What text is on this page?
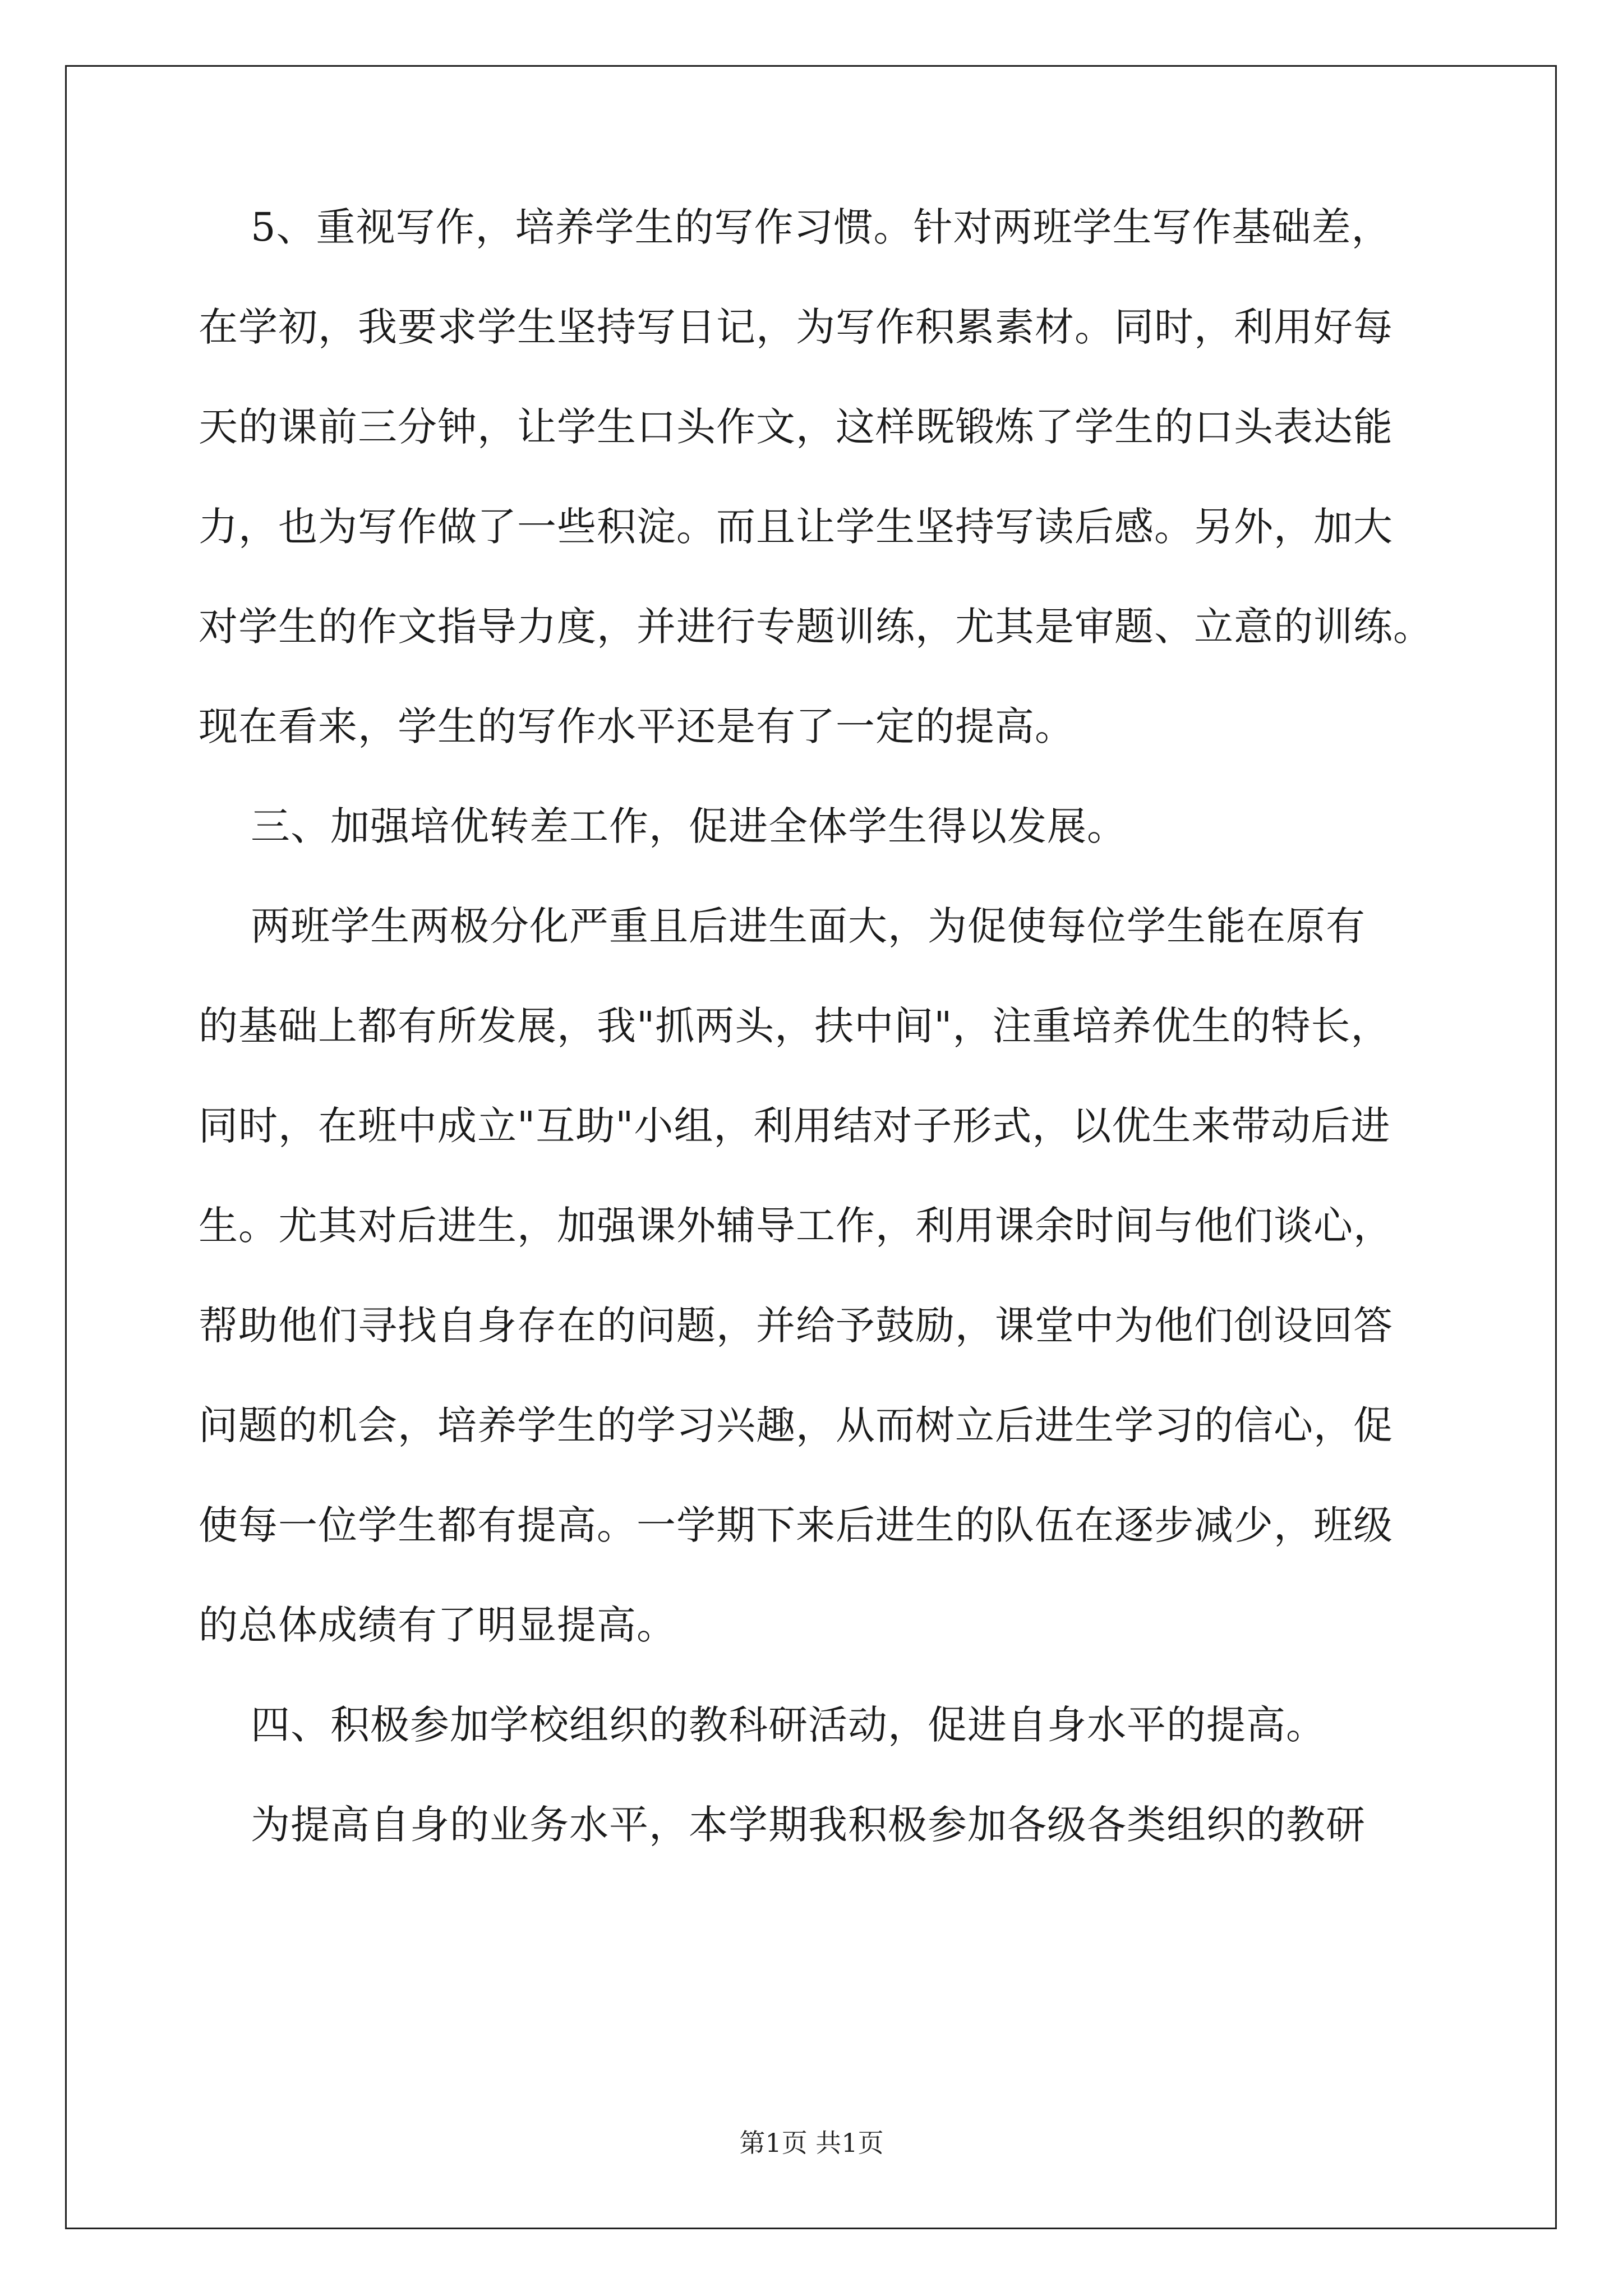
5、重视写作，培养学生的写作习惯。针对两班学生写作基础差，
在学初，我要求学生坚持写日记，为写作积累素材。同时，利用好每
天的课前三分钟，让学生口头作文，这样既锻炼了学生的口头表达能
力，也为写作做了一些积淀。而且让学生坚持写读后感。另外，加大
对学生的作文指导力度，并进行专题训练，尤其是审题、立意的训练。
现在看来，学生的写作水平还是有了一定的提高。
三、加强培优转差工作，促进全体学生得以发展。
两班学生两极分化严重且后进生面大，为促使每位学生能在原有
的基础上都有所发展，我"抓两头，扶中间"，注重培养优生的特长，
同时，在班中成立"互助"小组，利用结对子形式，以优生来带动后进
生。尤其对后进生，加强课外辅导工作，利用课余时间与他们谈心，
帮助他们寻找自身存在的问题，并给予鼓励，课堂中为他们创设回答
问题的机会，培养学生的学习兴趣，从而树立后进生学习的信心，促
使每一位学生都有提高。一学期下来后进生的队伍在逐步减少，班级
的总体成绩有了明显提高。
四、积极参加学校组织的教科研活动，促进自身水平的提高。
为提高自身的业务水平，本学期我积极参加各级各类组织的教研
第1页 共1页
